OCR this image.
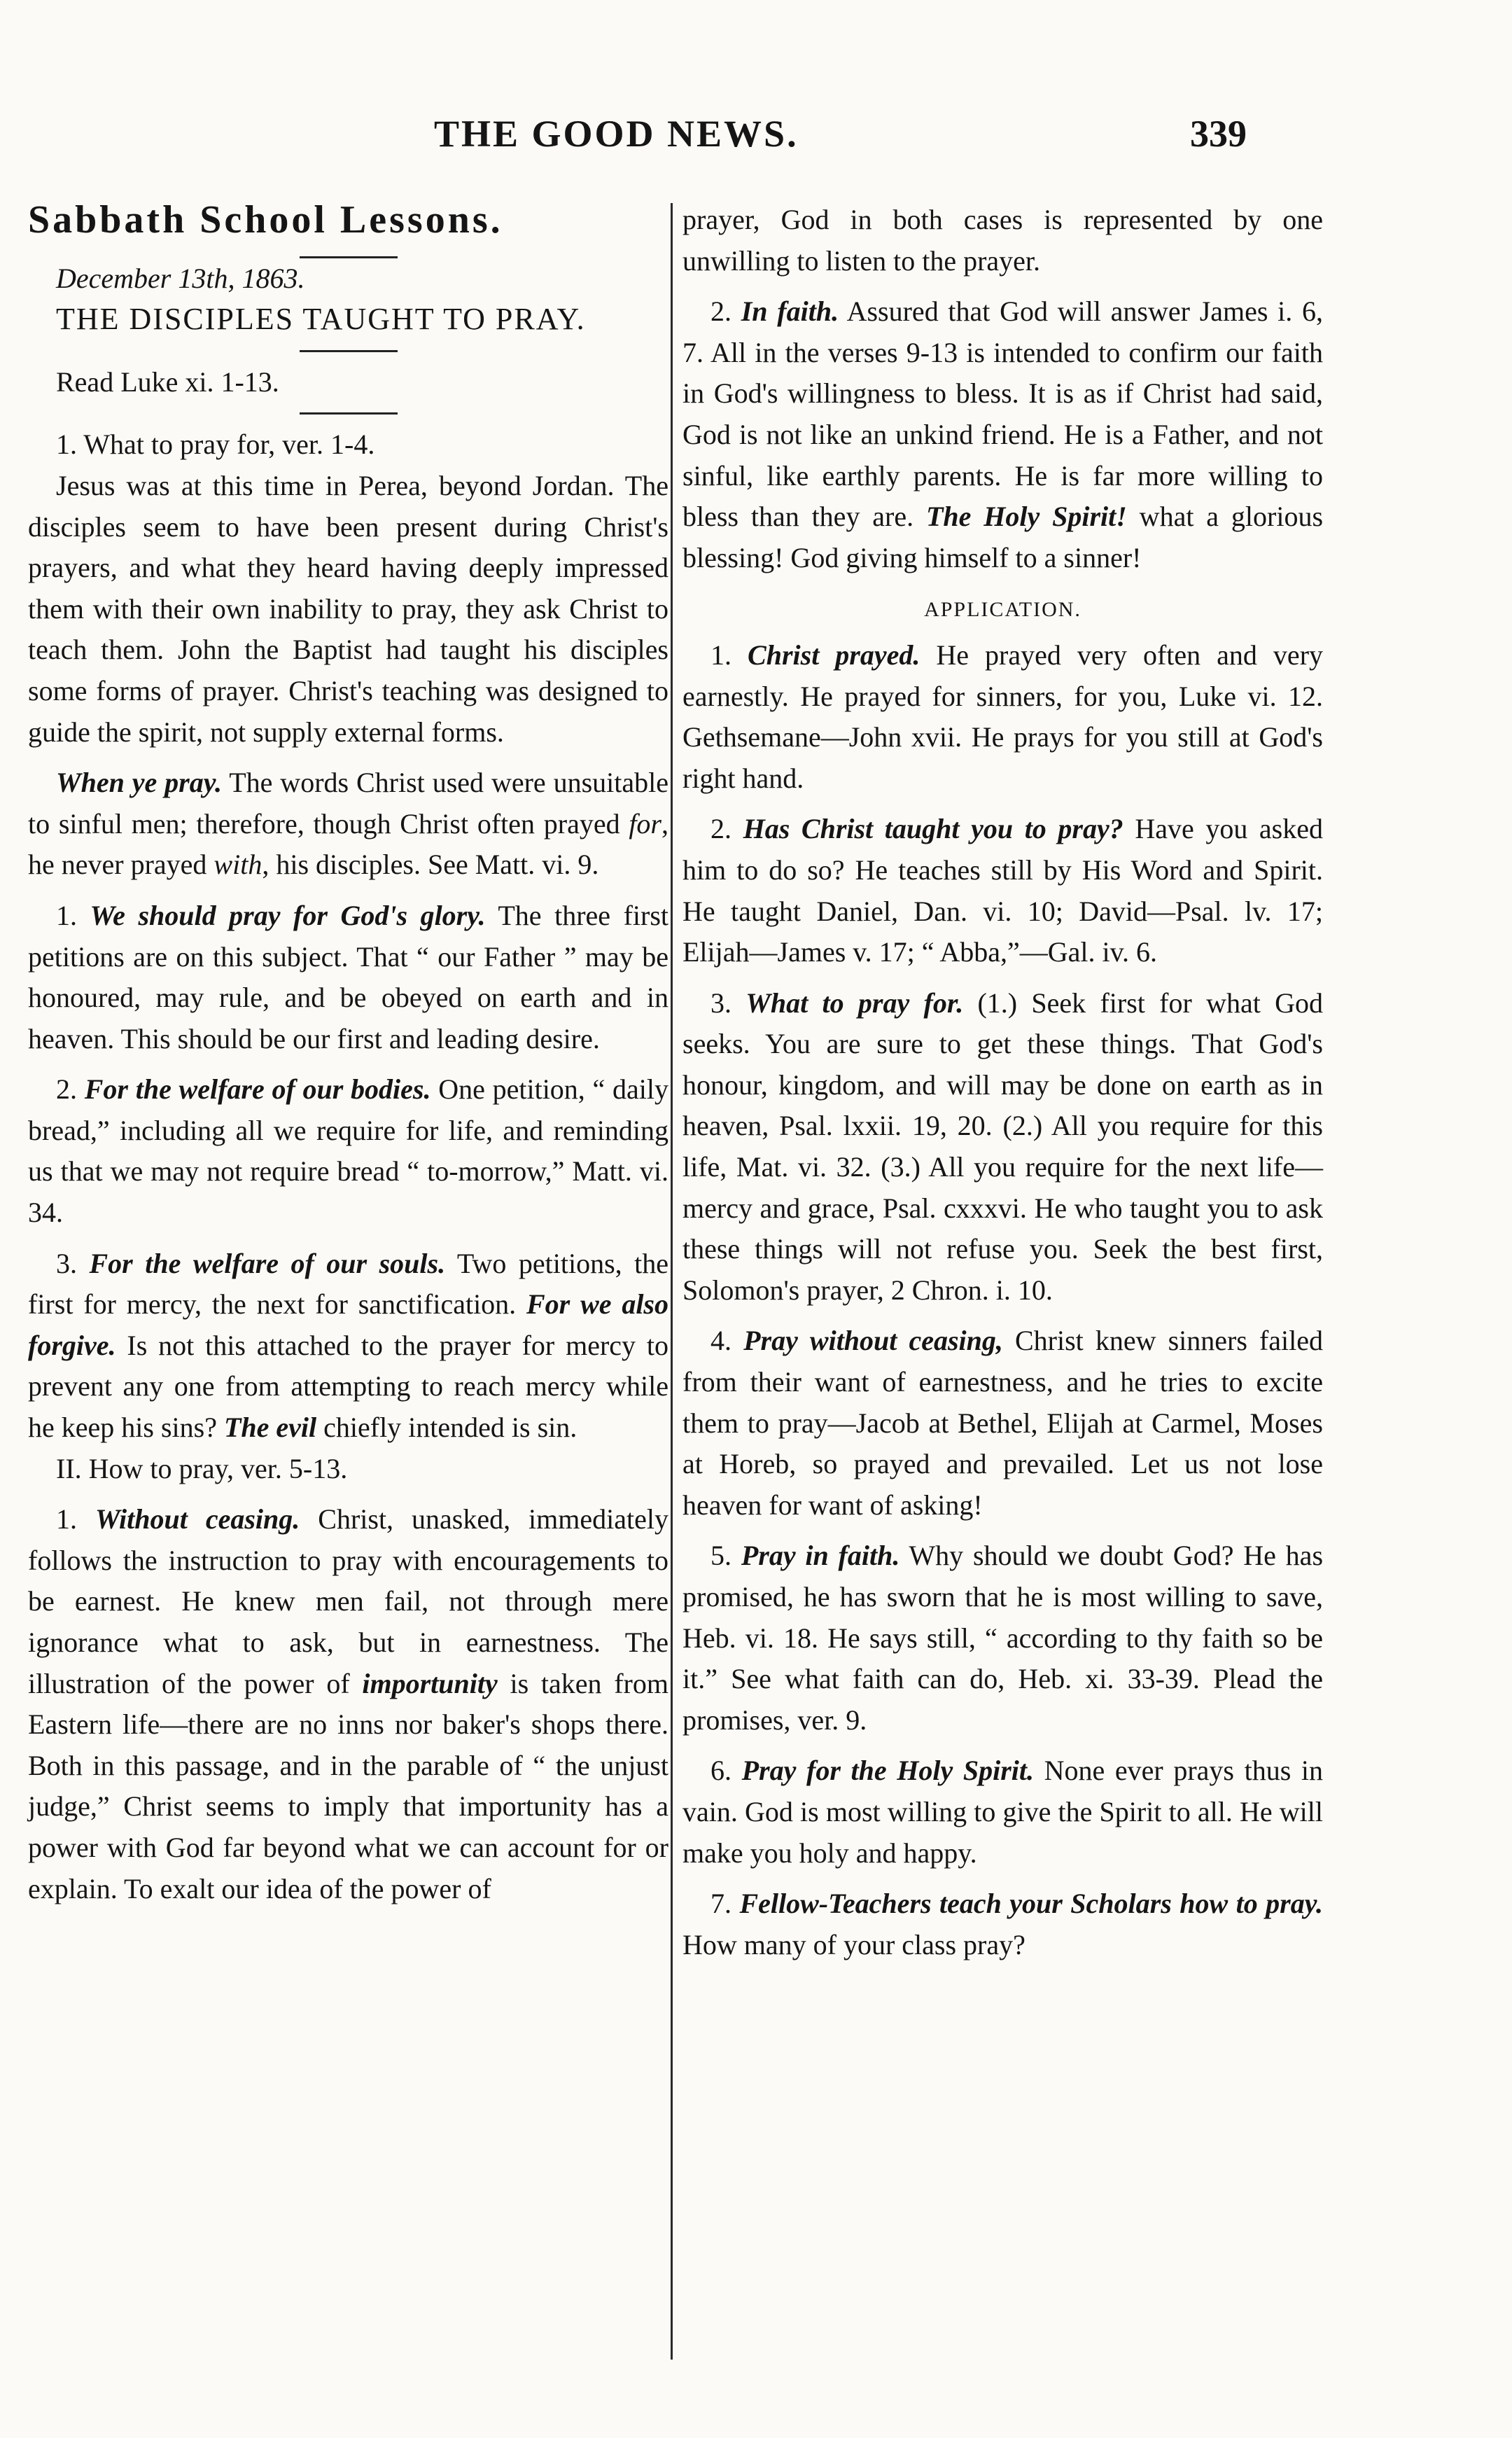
THE GOOD NEWS.	339
Sabbath School Lessons.

December 13th, 1863.

THE DISCIPLES TAUGHT TO PRAY.

Read Luke xi. 1-13.

1. What to pray for, ver. 1-4.

Jesus was at this time in Perea, beyond Jordan. The disciples seem to have been present during Christ's prayers, and what they heard having deeply impressed them with their own inability to pray, they ask Christ to teach them. John the Baptist had taught his disciples some forms of prayer. Christ's teaching was designed to guide the spirit, not supply external forms.

When ye pray. The words Christ used were unsuitable to sinful men; therefore, though Christ often prayed for, he never prayed with, his disciples. See Matt. vi. 9.

1. We should pray for God's glory. The three first petitions are on this subject. That “ our Father ” may be honoured, may rule, and be obeyed on earth and in heaven. This should be our first and leading desire.

2. For the welfare of our bodies. One petition, “ daily bread,” including all we require for life, and reminding us that we may not require bread “ to-morrow,” Matt. vi. 34.

3. For the welfare of our souls. Two petitions, the first for mercy, the next for sanctification. For we also forgive. Is not this attached to the prayer for mercy to prevent any one from attempting to reach mercy while he keep his sins? The evil chiefly intended is sin.

II. How to pray, ver. 5-13.

1. Without ceasing. Christ, unasked, immediately follows the instruction to pray with encouragements to be earnest. He knew men fail, not through mere ignorance what to ask, but in earnestness. The illustration of the power of importunity is taken from Eastern life—there are no inns nor baker's shops there. Both in this passage, and in the parable of “ the unjust judge,” Christ seems to imply that importunity has a power with God far beyond what we can account for or explain. To exalt our idea of the power of

prayer, God in both cases is represented by one unwilling to listen to the prayer.

2. In faith. Assured that God will answer James i. 6, 7. All in the verses 9-13 is intended to confirm our faith in God's willingness to bless. It is as if Christ had said, God is not like an unkind friend. He is a Father, and not sinful, like earthly parents. He is far more willing to bless than they are. The Holy Spirit! what a glorious blessing! God giving himself to a sinner!

APPLICATION.

1. Christ prayed. He prayed very often and very earnestly. He prayed for sinners, for you, Luke vi. 12. Gethsemane—John xvii. He prays for you still at God's right hand.

2. Has Christ taught you to pray? Have you asked him to do so? He teaches still by His Word and Spirit. He taught Daniel, Dan. vi. 10; David—Psal. lv. 17; Elijah—James v. 17; “ Abba,”—Gal. iv. 6.

3. What to pray for. (1.) Seek first for what God seeks. You are sure to get these things. That God's honour, kingdom, and will may be done on earth as in heaven, Psal. lxxii. 19, 20. (2.) All you require for this life, Mat. vi. 32. (3.) All you require for the next life—mercy and grace, Psal. cxxxvi. He who taught you to ask these things will not refuse you. Seek the best first, Solomon's prayer, 2 Chron. i. 10.

4. Pray without ceasing, Christ knew sinners failed from their want of earnestness, and he tries to excite them to pray—Jacob at Bethel, Elijah at Carmel, Moses at Horeb, so prayed and prevailed. Let us not lose heaven for want of asking!

5. Pray in faith. Why should we doubt God? He has promised, he has sworn that he is most willing to save, Heb. vi. 18. He says still, “ according to thy faith so be it.” See what faith can do, Heb. xi. 33-39. Plead the promises, ver. 9.

6. Pray for the Holy Spirit. None ever prays thus in vain. God is most willing to give the Spirit to all. He will make you holy and happy.

7. Fellow-Teachers teach your Scholars how to pray. How many of your class pray?
